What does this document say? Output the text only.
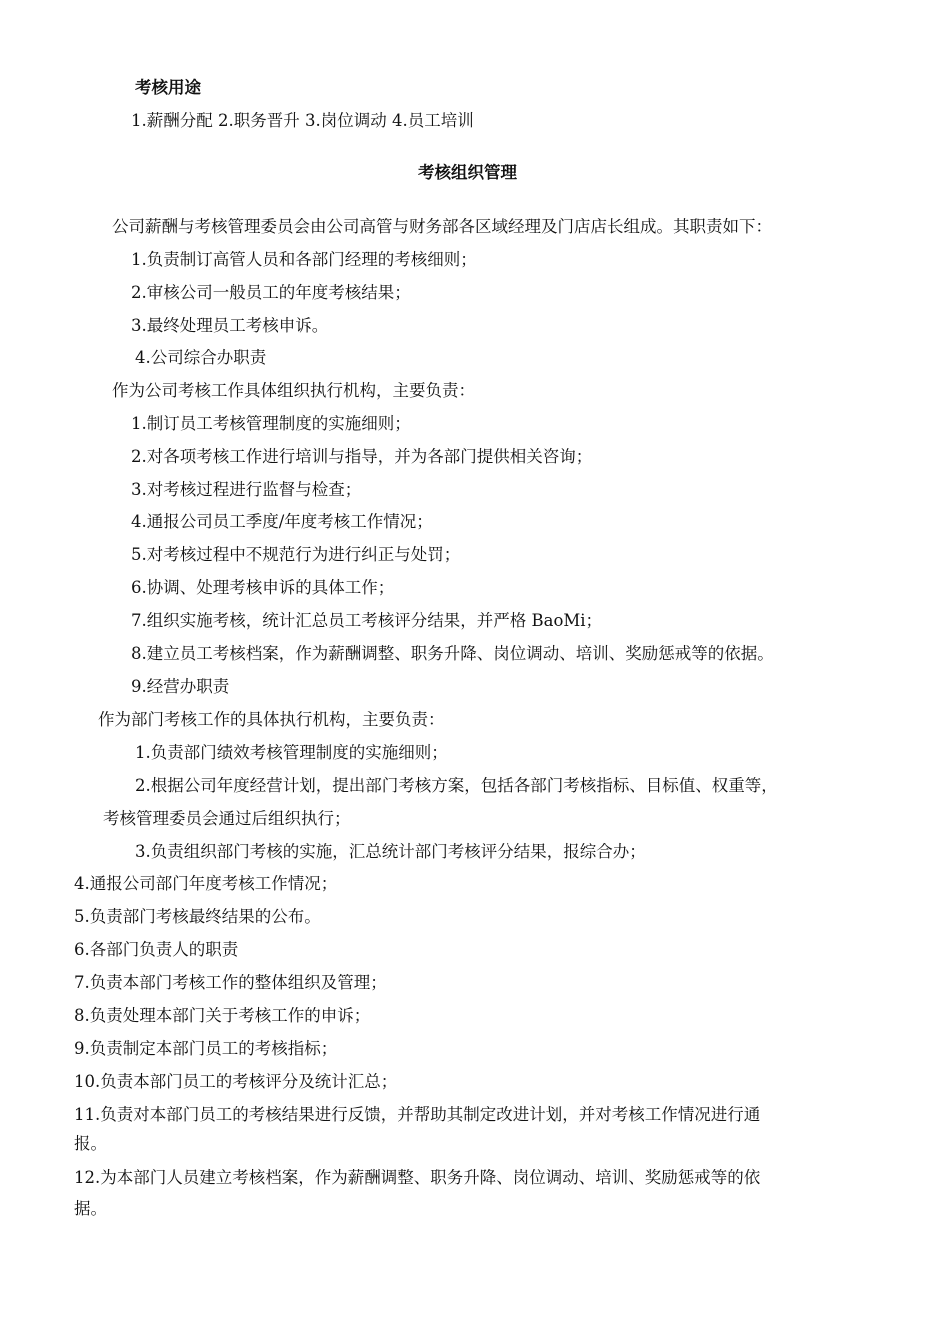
考核用途
1.薪酬分配 2.职务晋升 3.岗位调动 4.员工培训
考核组织管理
公司薪酬与考核管理委员会由公司高管与财务部各区域经理及门店店长组成。其职责如下：
1.负责制订高管人员和各部门经理的考核细则；
2.审核公司一般员工的年度考核结果；
3.最终处理员工考核申诉。
4.公司综合办职责
作为公司考核工作具体组织执行机构，主要负责：
1.制订员工考核管理制度的实施细则；
2.对各项考核工作进行培训与指导，并为各部门提供相关咨询；
3.对考核过程进行监督与检查；
4.通报公司员工季度/年度考核工作情况；
5.对考核过程中不规范行为进行纠正与处罚；
6.协调、处理考核申诉的具体工作；
7.组织实施考核，统计汇总员工考核评分结果，并严格 BaoMi；
8.建立员工考核档案，作为薪酬调整、职务升降、岗位调动、培训、奖励惩戒等的依据。
9.经营办职责
作为部门考核工作的具体执行机构，主要负责：
1.负责部门绩效考核管理制度的实施细则；
2.根据公司年度经营计划，提出部门考核方案，包括各部门考核指标、目标值、权重等，
考核管理委员会通过后组织执行；
3.负责组织部门考核的实施，汇总统计部门考核评分结果，报综合办；
4.通报公司部门年度考核工作情况；
5.负责部门考核最终结果的公布。
6.各部门负责人的职责
7.负责本部门考核工作的整体组织及管理；
8.负责处理本部门关于考核工作的申诉；
9.负责制定本部门员工的考核指标；
10.负责本部门员工的考核评分及统计汇总；
11.负责对本部门员工的考核结果进行反馈，并帮助其制定改进计划，并对考核工作情况进行通
报。
12.为本部门人员建立考核档案，作为薪酬调整、职务升降、岗位调动、培训、奖励惩戒等的依
据。
